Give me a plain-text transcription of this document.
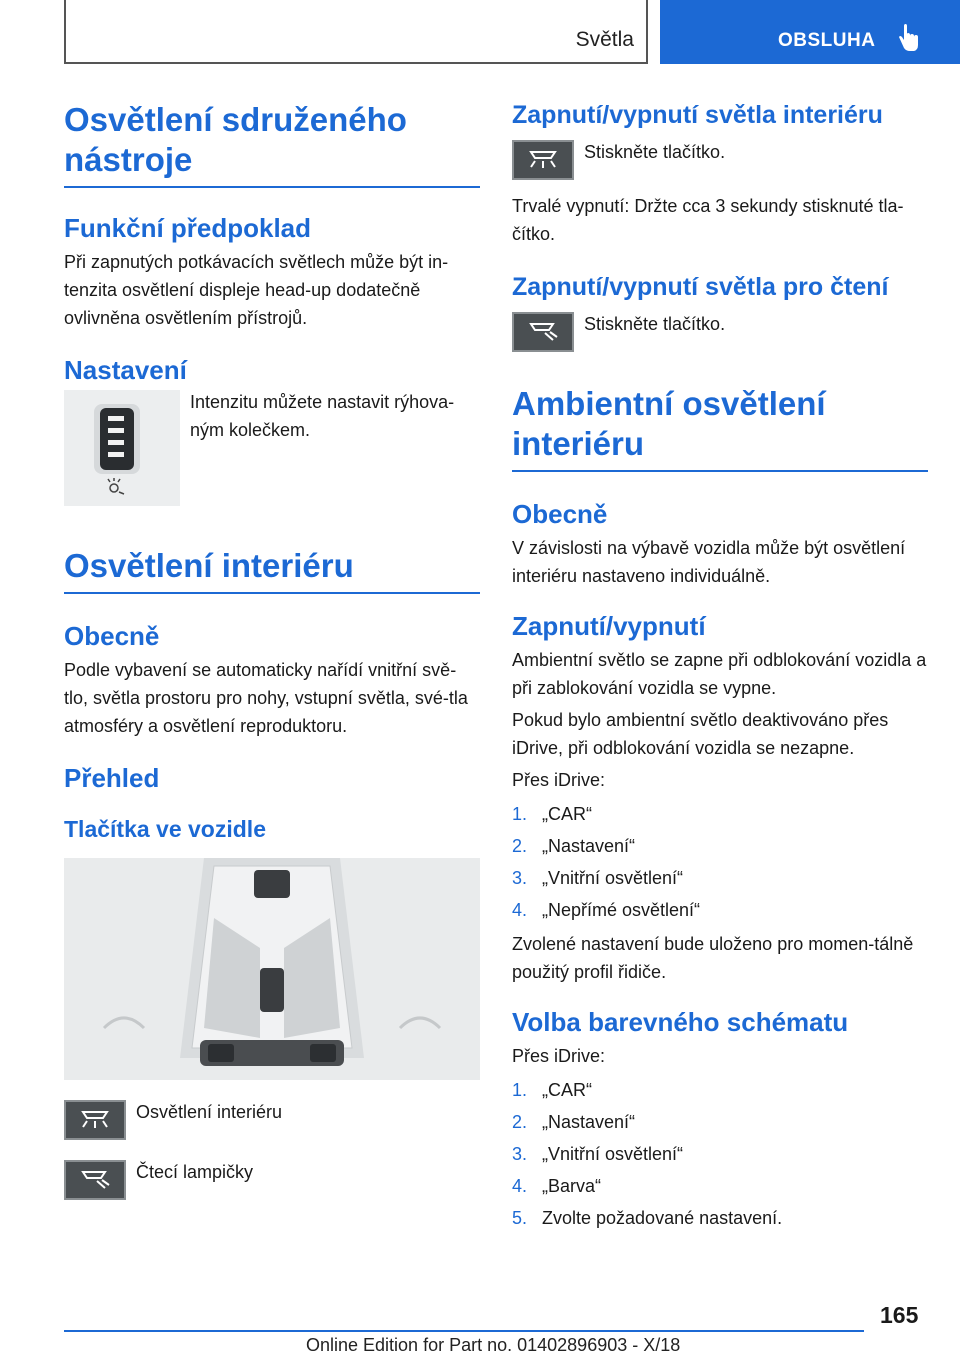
Světla	OBSLUHA
Osvětlení sdruženého nástroje
Funkční předpoklad

Při zapnutých potkávacích světlech může být in-tenzita osvětlení displeje head-up dodatečně ovlivněna osvětlením přístrojů.

Nastavení
Intenzitu můžete nastavit rýhova-ným kolečkem.
Osvětlení interiéru
Obecně

Podle vybavení se automaticky nařídí vnitřní svě-tlo, světla prostoru pro nohy, vstupní světla, své-tla atmosféry a osvětlení reproduktoru.

Přehled
Tlačítka ve vozidle
Osvětlení interiéru
Čtecí lampičky
Zapnutí/vypnutí světla interiéru
Stiskněte tlačítko.

Trvalé vypnutí: Držte cca 3 sekundy stisknuté tla-čítko.

Zapnutí/vypnutí světla pro čtení
Stiskněte tlačítko.
Ambientní osvětlení interiéru
Obecně

V závislosti na výbavě vozidla může být osvětlení interiéru nastaveno individuálně.

Zapnutí/vypnutí

Ambientní světlo se zapne při odblokování vozidla a při zablokování vozidla se vypne.

Pokud bylo ambientní světlo deaktivováno přes iDrive, při odblokování vozidla se nezapne.

Přes iDrive:

1. „CAR“
2. „Nastavení“
3. „Vnitřní osvětlení“
4. „Nepřímé osvětlení“

Zvolené nastavení bude uloženo pro momen-tálně použitý profil řidiče.

Volba barevného schématu

Přes iDrive:

1. „CAR“
2. „Nastavení“
3. „Vnitřní osvětlení“
4. „Barva“
5. Zvolte požadované nastavení.
165
Online Edition for Part no. 01402896903 - X/18
